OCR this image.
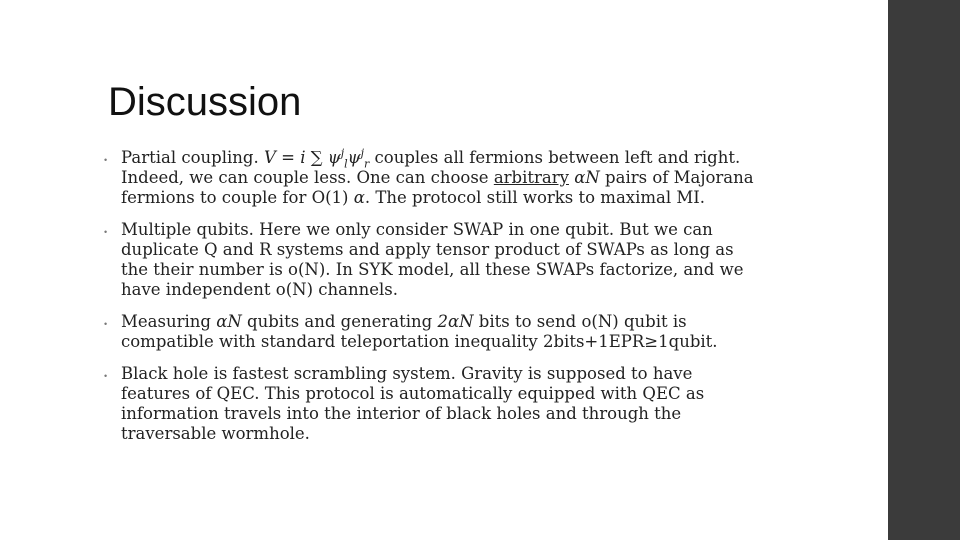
Discussion
• Partial coupling. V = i ∑ $\psi^j_l\psi^j_r$ couples all fermions between left and right.
Indeed, we can couple less. One can choose arbitrary αN pairs of Majorana
fermions to couple for O(1) α. The protocol still works to maximal MI.
• Multiple qubits. Here we only consider SWAP in one qubit. But we can
duplicate Q and R systems and apply tensor product of SWAPs as long as
the their number is o(N). In SYK model, all these SWAPs factorize, and we
have independent o(N) channels.
• Measuring αN qubits and generating 2αN bits to send o(N) qubit is
compatible with standard teleportation inequality 2bits+1EPR≥1qubit.
• Black hole is fastest scrambling system. Gravity is supposed to have
features of QEC. This protocol is automatically equipped with QEC as
information travels into the interior of black holes and through the
traversable wormhole.
